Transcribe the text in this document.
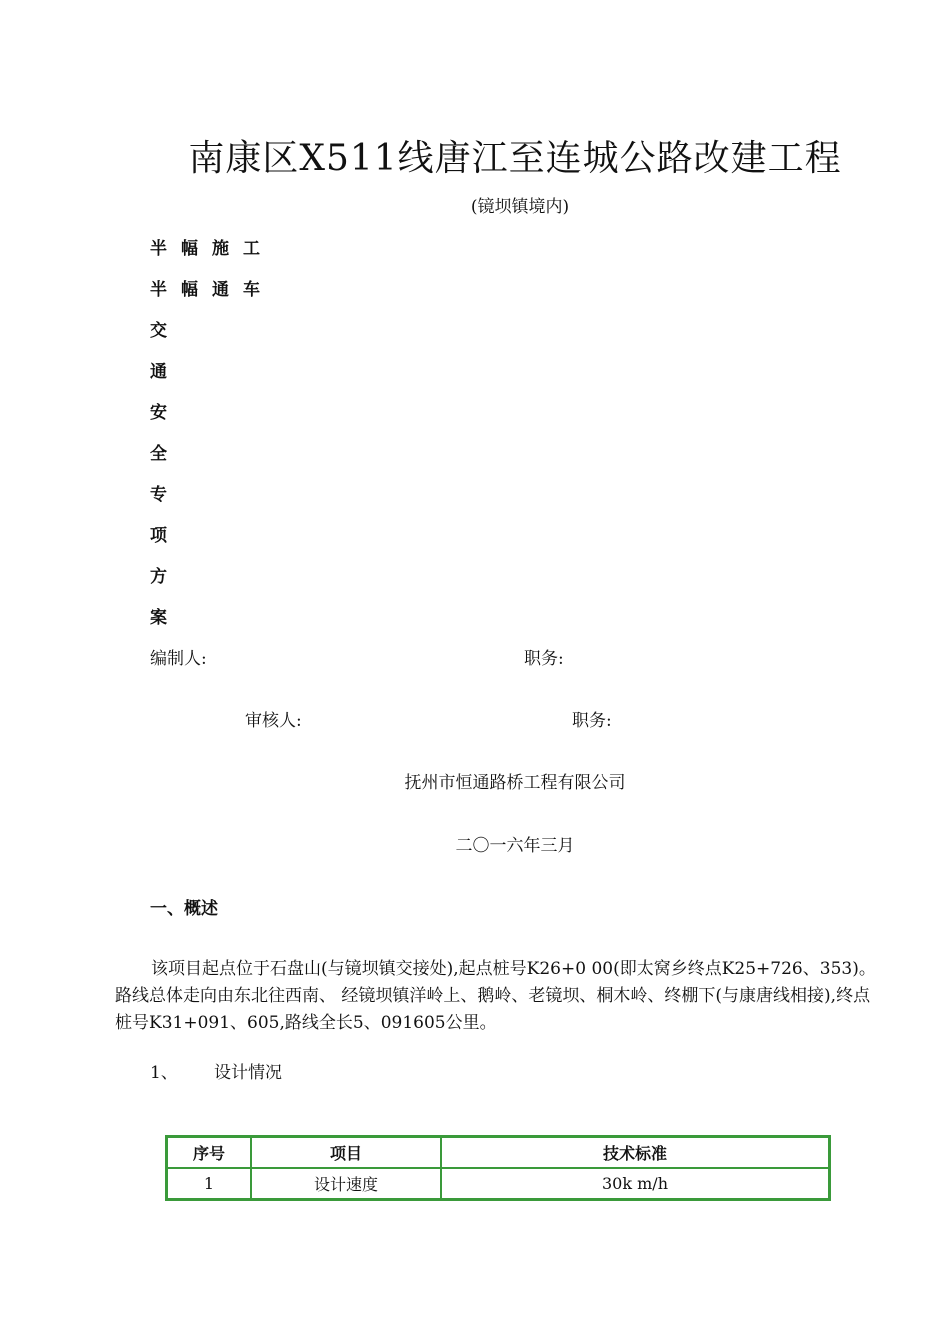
南康区X511线唐江至连城公路改建工程
(镜坝镇境内)
半幅施工
半幅通车
交
通
安
全
专
项
方
案
编制人:	职务:
审核人:	职务:
抚州市恒通路桥工程有限公司
二〇一六年三月
一、概述
该项目起点位于石盘山(与镜坝镇交接处),起点桩号K26+0 00(即太窝乡终点K25+726、353)。路线总体走向由东北往西南、 经镜坝镇洋岭上、鹅岭、老镜坝、桐木岭、终棚下(与康唐线相接),终点桩号K31+091、605,路线全长5、091605公里。
1、 设计情况
序号	项目	技术标准
1	设计速度	30k m/h
